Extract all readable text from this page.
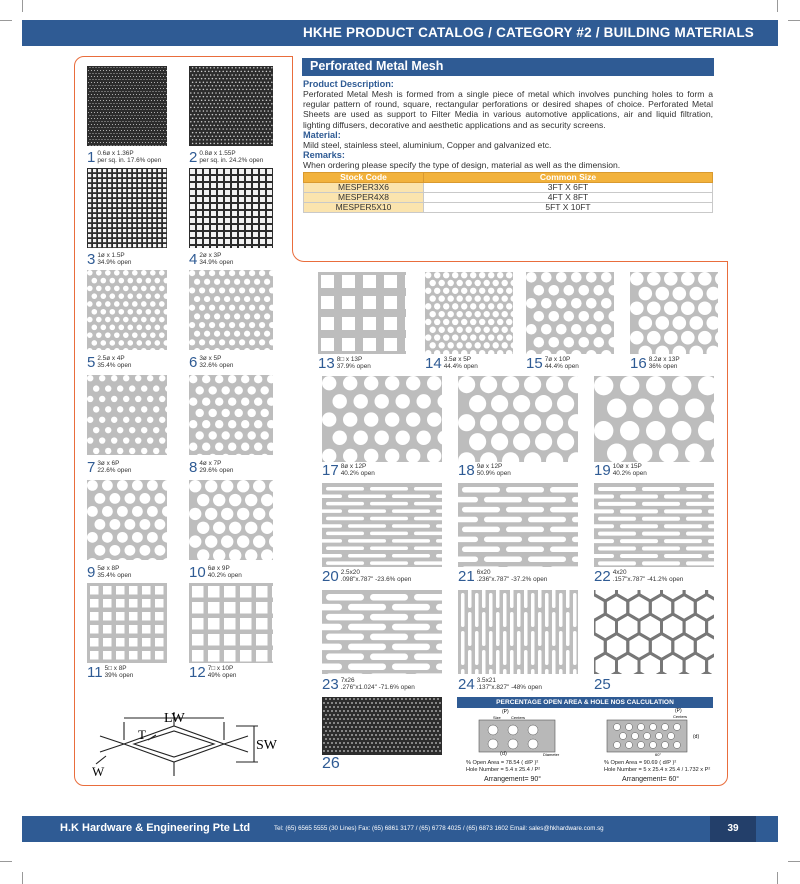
HKHE PRODUCT CATALOG / CATEGORY #2 / BUILDING MATERIALS
Perforated Metal Mesh
Product Description:

Perforated Metal Mesh is formed from a single piece of metal which involves punching holes to form a regular pattern of round, square, rectangular perforations or desired shapes of choice. Perforated Metal Sheets are used as support to Filter Media in various automotive applications, air and liquid filtration, lighting diffusers, decorative and aesthetic applications and as security screens.

Material:

Mild steel, stainless steel, aluminium, Copper and galvanized etc.

Remarks:

When ordering please specify the type of design, material as well as the dimension.

Stock Code	Common Size
MESPER3X6	3FT X 6FT
MESPER4X8	4FT X 8FT
MESPER5X10	5FT X 10FT
1 0.6ø x 1.36P
per sq. in. 17.6% open 2 0.8ø x 1.55P
per sq. in. 24.2% open
3 1ø x 1.5P
34.9% open	4 2ø x 3P
34.9% open
5 2.5ø x 4P
35.4% open	6 3ø x 5P
32.6% open
7 3ø x 6P
22.6% open	8 4ø x 7P
29.6% open
9 5ø x 8P
35.4% open	10 6ø x 9P
40.2% open
11 5□ x 8P
39% open	12 7□ x 10P
49% open
13 8□ x 13P
37.9% open	14 3.5ø x 5P
44.4% open	15 7ø x 10P
44.4% open	16 8.2ø x 13P
36% open
17 8ø x 12P
40.2% open	18 9ø x 12P
50.9% open	19 10ø x 15P
40.2% open
20 2.5x20
.098"x.787" -23.6% open	21 6x20
.236"x.787" -37.2% open	22 4x20
.157"x.787" -41.2% open
23 7x26
.276"x1.024" -71.6% open	24 3.5x21
.137"x.827" -48% open	25
26
LW
SW
T
W
PERCENTAGE OPEN AREA & HOLE NOS CALCULATION
(P)
Size	Centers
Diameter
(P)
Centers
(d)
60°
(d)
% Open Area = 78.54 ( d/P )²
Hole Number = 5.4 x 25.4 / P²
Arrangement= 90°
% Open Area = 90.69 ( d/P )²
Hole Number = 5 x 25.4 x 25.4 / 1.732 x P²
Arrangement= 60°
H.K Hardware & Engineering Pte Ltd	Tel: (65) 6565 5555 (30 Lines) Fax: (65) 6861 3177 / (65) 6778 4025 / (65) 6873 1602 Email: sales@hkhardware.com.sg	39
